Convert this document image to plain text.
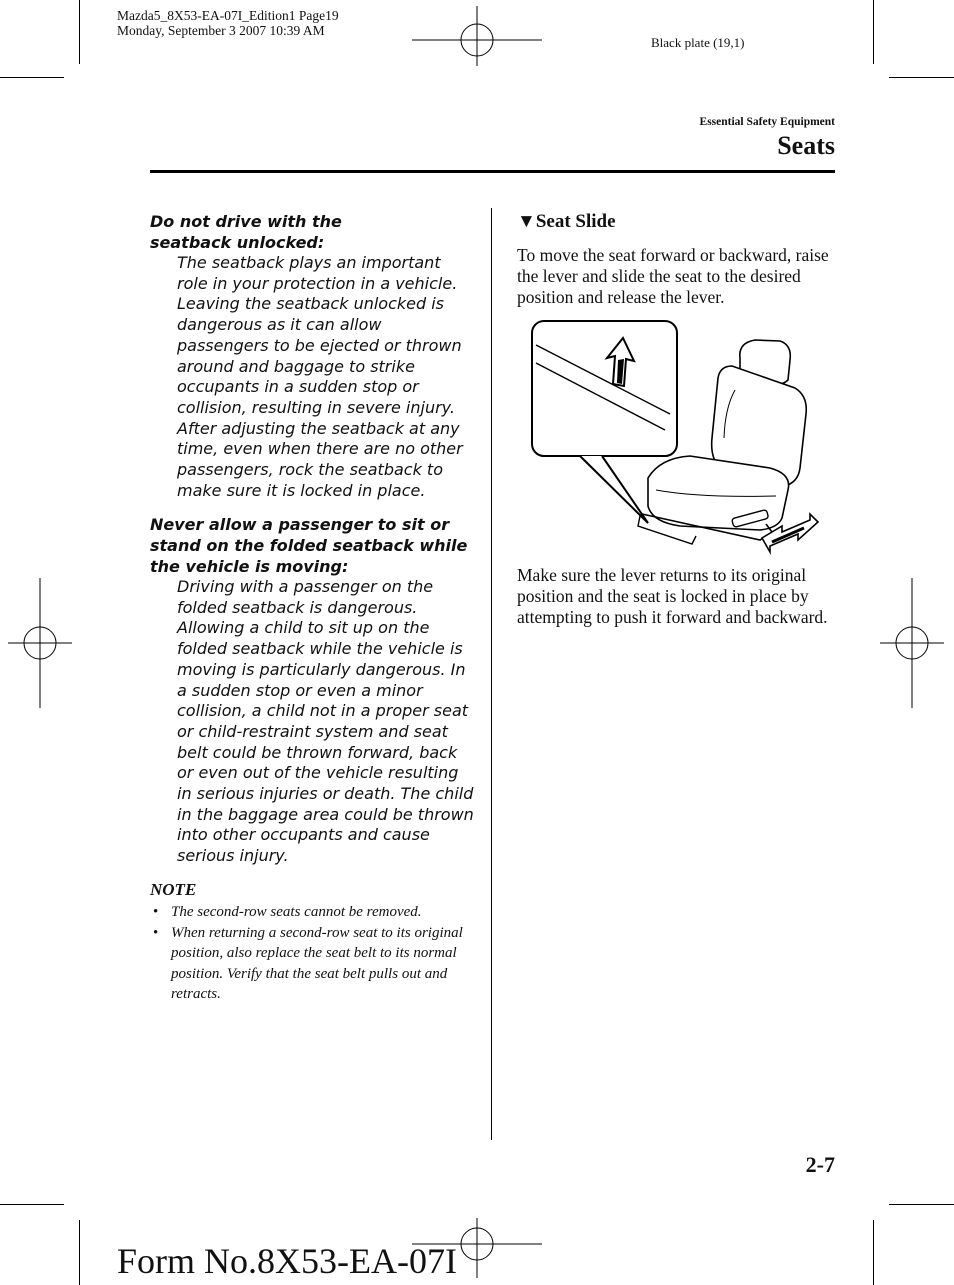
Mazda5_8X53-EA-07I_Edition1 Page19
Monday, September 3 2007 10:39 AM
Black plate (19,1)
Essential Safety Equipment
Seats
Do not drive with the seatback unlocked:
The seatback plays an important role in your protection in a vehicle. Leaving the seatback unlocked is dangerous as it can allow passengers to be ejected or thrown around and baggage to strike occupants in a sudden stop or collision, resulting in severe injury. After adjusting the seatback at any time, even when there are no other passengers, rock the seatback to make sure it is locked in place.
Never allow a passenger to sit or stand on the folded seatback while the vehicle is moving:
Driving with a passenger on the folded seatback is dangerous. Allowing a child to sit up on the folded seatback while the vehicle is moving is particularly dangerous. In a sudden stop or even a minor collision, a child not in a proper seat or child-restraint system and seat belt could be thrown forward, back or even out of the vehicle resulting in serious injuries or death. The child in the baggage area could be thrown into other occupants and cause serious injury.
NOTE
• The second-row seats cannot be removed.
• When returning a second-row seat to its original position, also replace the seat belt to its normal position. Verify that the seat belt pulls out and retracts.
▼Seat Slide
To move the seat forward or backward, raise the lever and slide the seat to the desired position and release the lever.
Make sure the lever returns to its original position and the seat is locked in place by attempting to push it forward and backward.
2-7
Form No.8X53-EA-07I
